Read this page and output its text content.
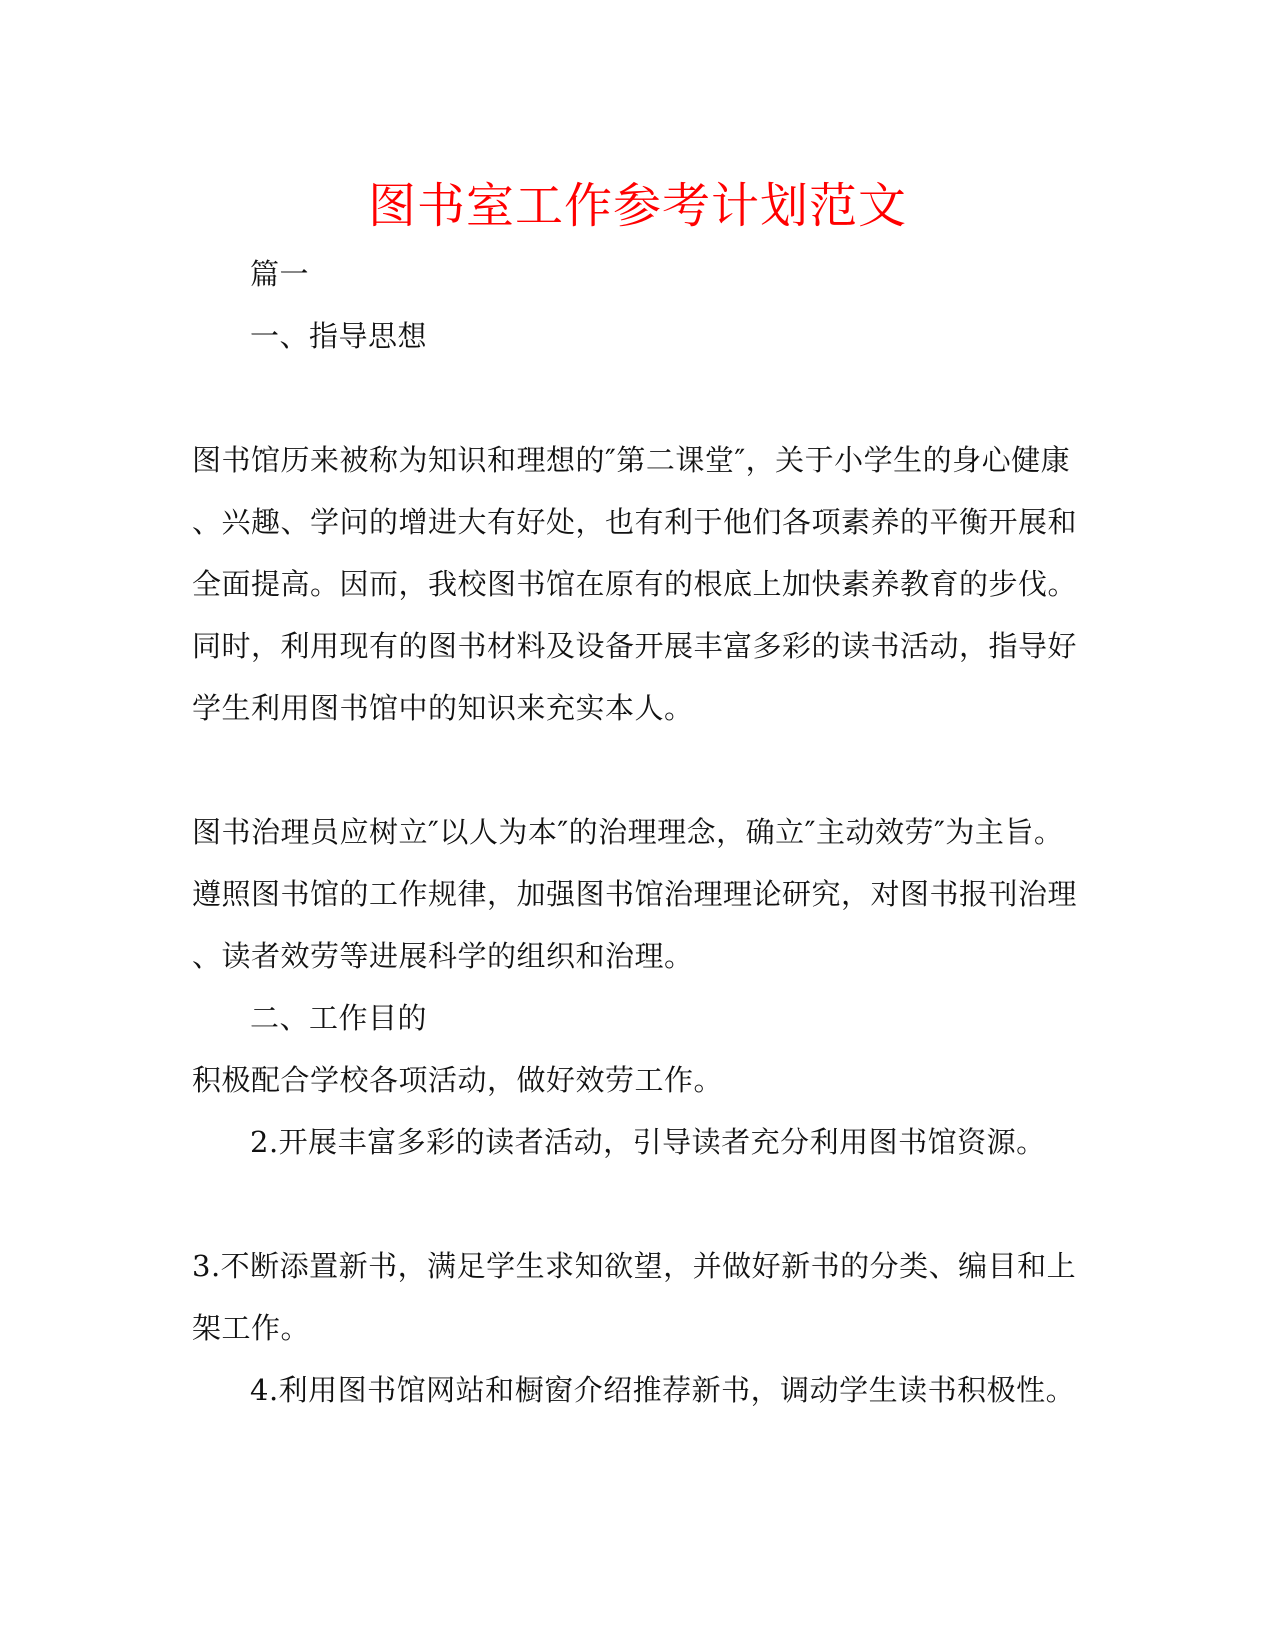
图书室工作参考计划范文
篇一
一、指导思想
图书馆历来被称为知识和理想的″第二课堂″，关于小学生的身心健康
、兴趣、学问的增进大有好处，也有利于他们各项素养的平衡开展和
全面提高。因而，我校图书馆在原有的根底上加快素养教育的步伐。
同时，利用现有的图书材料及设备开展丰富多彩的读书活动，指导好
学生利用图书馆中的知识来充实本人。
图书治理员应树立″以人为本″的治理理念，确立″主动效劳″为主旨。
遵照图书馆的工作规律，加强图书馆治理理论研究，对图书报刊治理
、读者效劳等进展科学的组织和治理。
二、工作目的
积极配合学校各项活动，做好效劳工作。
2.开展丰富多彩的读者活动，引导读者充分利用图书馆资源。
3.不断添置新书，满足学生求知欲望，并做好新书的分类、编目和上
架工作。
4.利用图书馆网站和橱窗介绍推荐新书，调动学生读书积极性。
